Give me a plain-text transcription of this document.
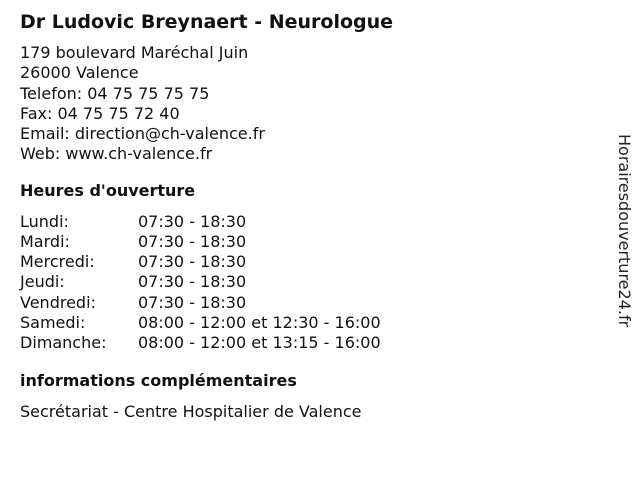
Dr Ludovic Breynaert - Neurologue
179 boulevard Maréchal Juin
26000 Valence
Telefon: 04 75 75 75 75
Fax: 04 75 75 72 40
Email: direction@ch-valence.fr
Web: www.ch-valence.fr
Heures d'ouverture
Lundi:	07:30 - 18:30
Mardi:	07:30 - 18:30
Mercredi:	07:30 - 18:30
Jeudi:	07:30 - 18:30
Vendredi:	07:30 - 18:30
Samedi:	08:00 - 12:00 et 12:30 - 16:00
Dimanche:	08:00 - 12:00 et 13:15 - 16:00
informations complémentaires
Secrétariat - Centre Hospitalier de Valence
Horairesdouverture24.fr
